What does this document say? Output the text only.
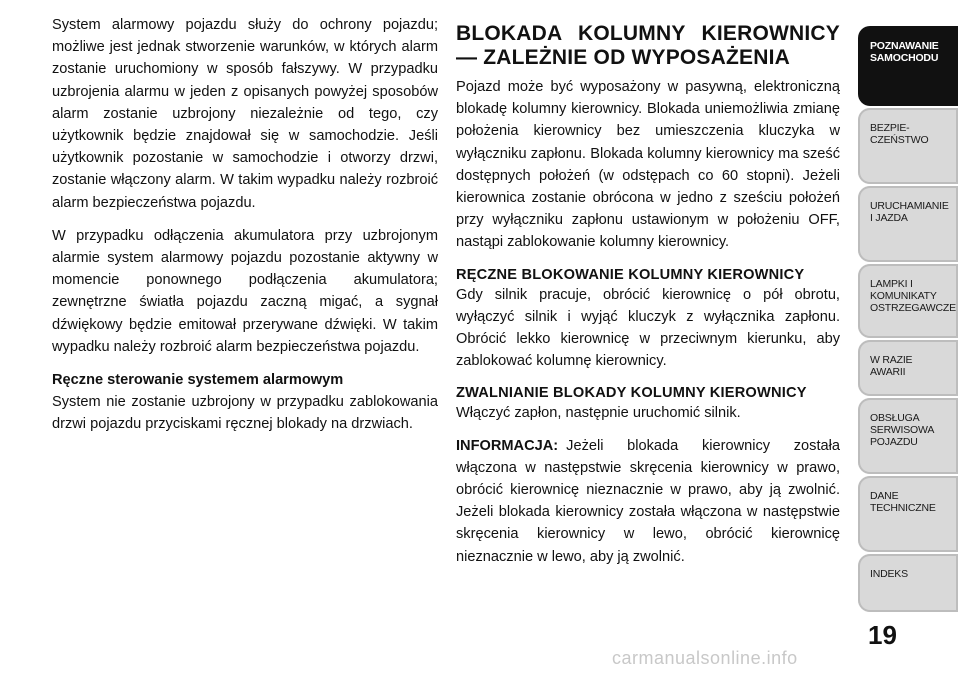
System alarmowy pojazdu służy do ochrony pojazdu; możliwe jest jednak stworzenie warunków, w których alarm zostanie uruchomiony w sposób fałszywy. W przypadku uzbrojenia alarmu w jeden z opisanych powyżej sposobów alarm zostanie uzbrojony niezależnie od tego, czy użytkownik będzie znajdował się w samochodzie. Jeśli użytkownik pozostanie w samochodzie i otworzy drzwi, zostanie włączony alarm. W takim wypadku należy rozbroić alarm bezpieczeństwa pojazdu.

W przypadku odłączenia akumulatora przy uzbrojonym alarmie system alarmowy pojazdu pozostanie aktywny w momencie ponownego podłączenia akumulatora; zewnętrzne światła pojazdu zaczną migać, a sygnał dźwiękowy będzie emitował przerywane dźwięki. W takim wypadku należy rozbroić alarm bezpieczeństwa pojazdu.

Ręczne sterowanie systemem alarmowym
System nie zostanie uzbrojony w przypadku zablokowania drzwi pojazdu przyciskami ręcznej blokady na drzwiach.

BLOKADA KOLUMNY KIEROWNICY — ZALEŻNIE OD WYPOSAŻENIA

Pojazd może być wyposażony w pasywną, elektroniczną blokadę kolumny kierownicy. Blokada uniemożliwia zmianę położenia kierownicy bez umieszczenia kluczyka w wyłączniku zapłonu. Blokada kolumny kierownicy ma sześć dostępnych położeń (w odstępach co 60 stopni). Jeżeli kierownica zostanie obrócona w jedno z sześciu położeń przy wyłączniku zapłonu ustawionym w położeniu OFF, nastąpi zablokowanie kolumny kierownicy.

RĘCZNE BLOKOWANIE KOLUMNY KIEROWNICY

Gdy silnik pracuje, obrócić kierownicę o pół obrotu, wyłączyć silnik i wyjąć kluczyk z wyłącznika zapłonu. Obrócić lekko kierownicę w przeciwnym kierunku, aby zablokować kolumnę kierownicy.

ZWALNIANIE BLOKADY KOLUMNY KIEROWNICY

Włączyć zapłon, następnie uruchomić silnik.

INFORMACJA: Jeżeli blokada kierownicy została włączona w następstwie skręcenia kierownicy w prawo, obrócić kierownicę nieznacznie w prawo, aby ją zwolnić. Jeżeli blokada kierownicy została włączona w następstwie skręcenia kierownicy w lewo, obrócić kierownicę nieznacznie w lewo, aby ją zwolnić.

POZNAWANIE
SAMOCHODU
BEZPIE-
CZEŃSTWO
URUCHAMIANIE
I JAZDA
LAMPKI I
KOMUNIKATY
OSTRZEGAWCZE
W RAZIE
AWARII
OBSŁUGA
SERWISOWA
POJAZDU
DANE
TECHNICZNE
INDEKS
19
carmanualsonline.info
